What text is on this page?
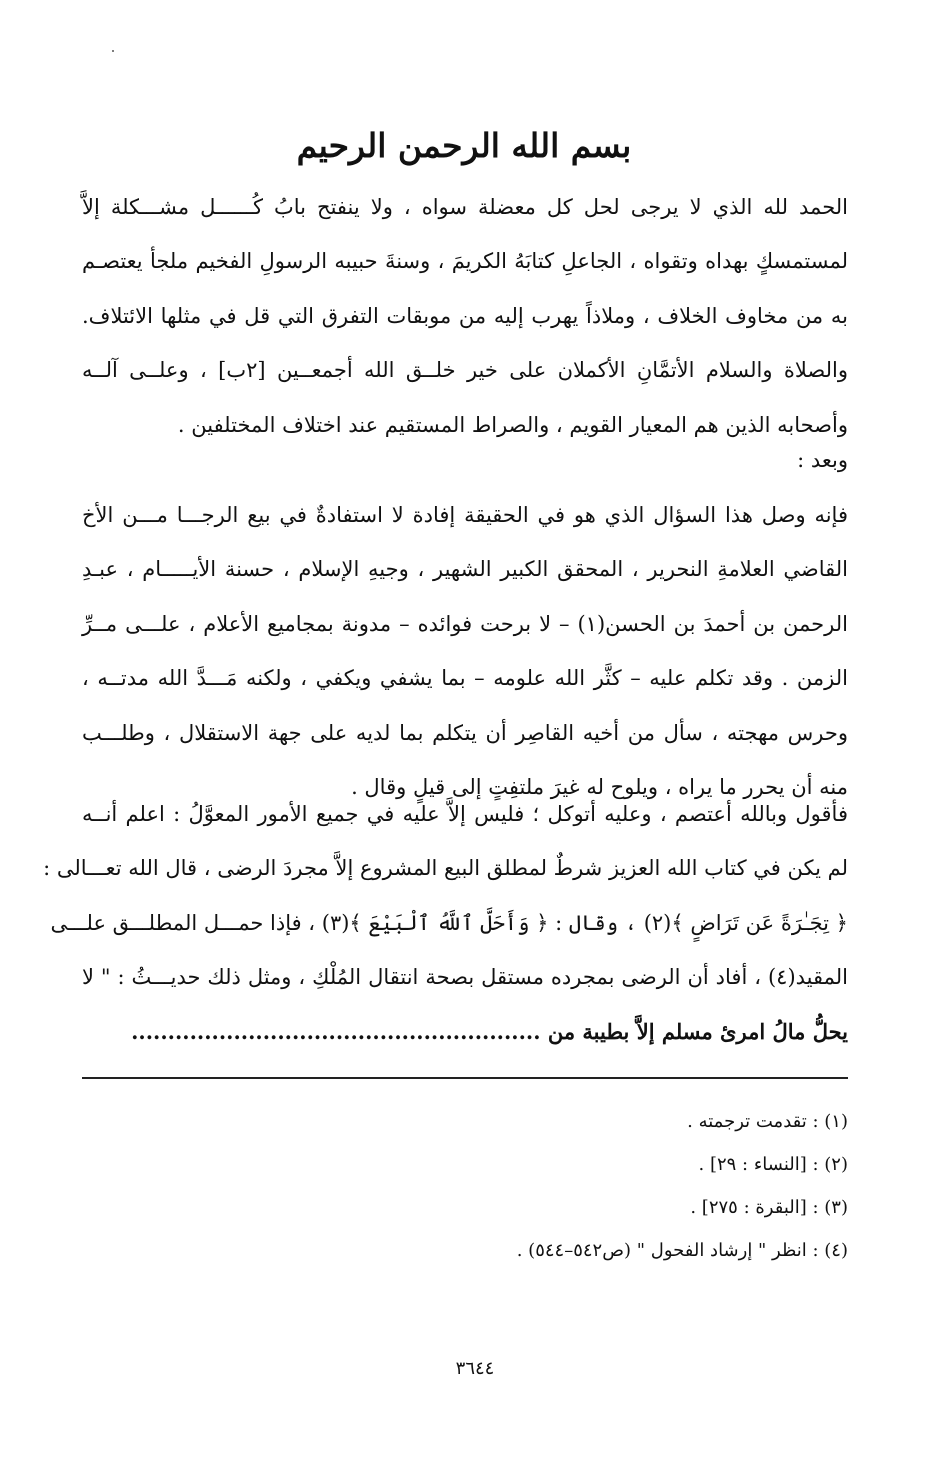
بسم الله الرحمن الرحيم
الحمد لله الذي لا يرجى لحل كل معضلة سواه ، ولا ينفتح بابُ كُــــــل مشـــكلة إلاَّ
لمستمسكٍ بهداه وتقواه ، الجاعلِ كتابَهُ الكريمَ ، وسنةَ حبيبه الرسولِ الفخيم ملجأ يعتصـم
به من مخاوف الخلاف ، وملاذاً يهرب إليه من موبقات التفرق التي قل في مثلها الائتلاف.
والصلاة والسلام الأتمَّانِ الأكملان على خير خلــق الله أجمعــين [٢ب] ، وعلــى آلــه
وأصحابه الذين هم المعيار القويم ، والصراط المستقيم عند اختلاف المختلفين .
وبعد :
فإنه وصل هذا السؤال الذي هو في الحقيقة إفادة لا استفادةٌ في بيع الرجـــا مـــن الأخ
القاضي العلامةِ النحرير ، المحقق الكبير الشهير ، وجيهِ الإسلام ، حسنة الأيـــــام ، عبـدِ
الرحمن بن أحمدَ بن الحسن(١) – لا برحت فوائده – مدونة بمجاميع الأعلام ، علـــى مــرِّ
الزمن . وقد تكلم عليه – كثَّر الله علومه – بما يشفي ويكفي ، ولكنه مَـــدَّ الله مدتــه ،
وحرس مهجته ، سأل من أخيه القاصِر أن يتكلم بما لديه على جهة الاستقلال ، وطلـــب
منه أن يحرر ما يراه ، ويلوح له غيرَ ملتفِتٍ إلى قيلٍ وقال .
فأقول وبالله أعتصم ، وعليه أتوكل ؛ فليس إلاَّ عليه في جميع الأمور المعوَّلُ : اعلم أنــه
لم يكن في كتاب الله العزيز شرطٌ لمطلق البيع المشروع إلاَّ مجردَ الرضى ، قال الله تعـــالى :
﴿ تِجَـٰرَةً عَن تَرَاضٍ ﴾(٢) ، وقال : ﴿ وَأَحَلَّ ٱللَّهُ ٱلْبَيْعَ ﴾(٣) ، فإذا حمـــل المطلـــق علـــى
المقيد(٤) ، أفاد أن الرضى بمجرده مستقل بصحة انتقال المُلْكِ ، ومثل ذلك حديـــثُ : " لا
يحلُّ مالُ امرئ مسلم إلاَّ بطيبة من ........................................................
(١) : تقدمت ترجمته .
(٢) : [النساء : ٢٩] .
(٣) : [البقرة : ٢٧٥] .
(٤) : انظر " إرشاد الفحول " (ص٥٤٢–٥٤٤) .
٣٦٤٤
